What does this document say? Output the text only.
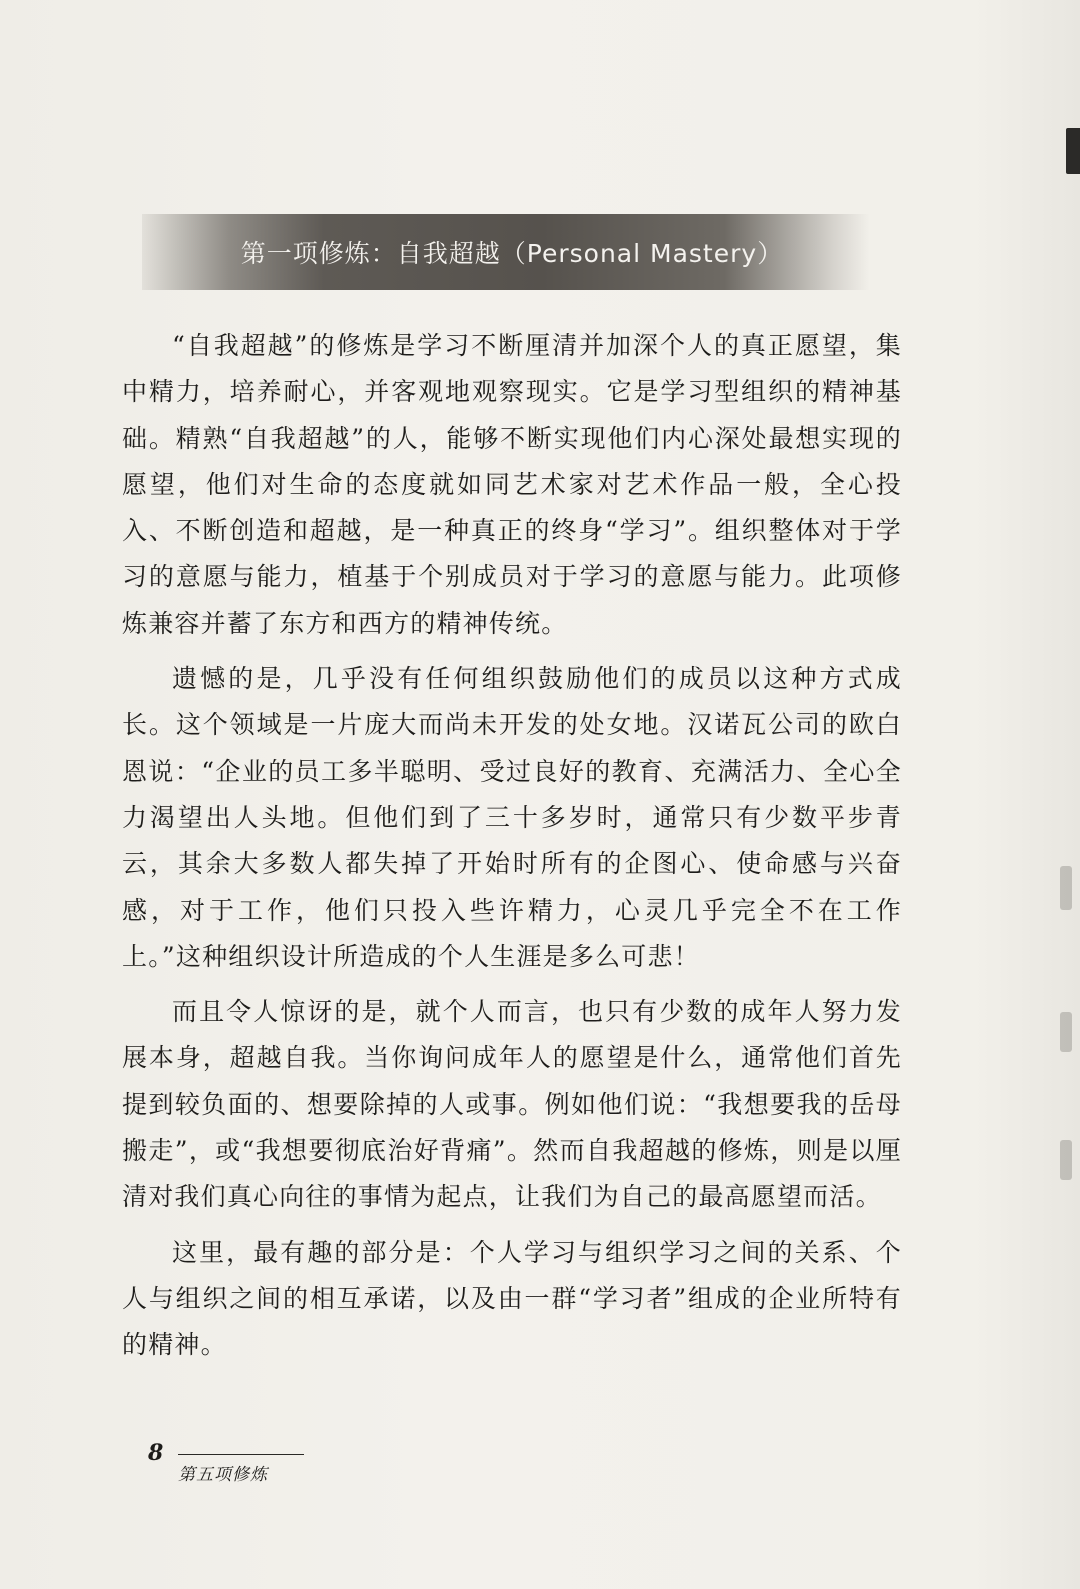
第一项修炼：自我超越（Personal Mastery）

“自我超越”的修炼是学习不断厘清并加深个人的真正愿望，集中精力，培养耐心，并客观地观察现实。它是学习型组织的精神基础。精熟“自我超越”的人，能够不断实现他们内心深处最想实现的愿望，他们对生命的态度就如同艺术家对艺术作品一般，全心投入、不断创造和超越，是一种真正的终身“学习”。组织整体对于学习的意愿与能力，植基于个别成员对于学习的意愿与能力。此项修炼兼容并蓄了东方和西方的精神传统。

遗憾的是，几乎没有任何组织鼓励他们的成员以这种方式成长。这个领域是一片庞大而尚未开发的处女地。汉诺瓦公司的欧白恩说：“企业的员工多半聪明、受过良好的教育、充满活力、全心全力渴望出人头地。但他们到了三十多岁时，通常只有少数平步青云，其余大多数人都失掉了开始时所有的企图心、使命感与兴奋感，对于工作，他们只投入些许精力，心灵几乎完全不在工作上。”这种组织设计所造成的个人生涯是多么可悲！

而且令人惊讶的是，就个人而言，也只有少数的成年人努力发展本身，超越自我。当你询问成年人的愿望是什么，通常他们首先提到较负面的、想要除掉的人或事。例如他们说：“我想要我的岳母搬走”，或“我想要彻底治好背痛”。然而自我超越的修炼，则是以厘清对我们真心向往的事情为起点，让我们为自己的最高愿望而活。

这里，最有趣的部分是：个人学习与组织学习之间的关系、个人与组织之间的相互承诺，以及由一群“学习者”组成的企业所特有的精神。

8
第五项修炼
